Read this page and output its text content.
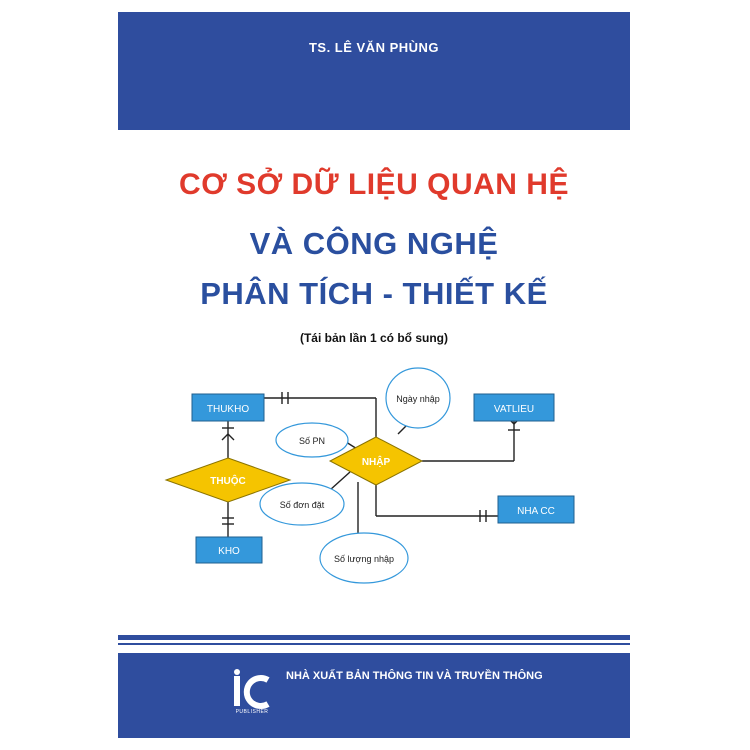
TS. LÊ VĂN PHÙNG
CƠ SỞ DỮ LIỆU QUAN HỆ
VÀ CÔNG NGHỆ
PHÂN TÍCH - THIẾT KẾ
(Tái bản lần 1 có bổ sung)
THUKHO	VATLIEU
KHO
NHA CC
THUỘC
NHẬP
Ngày nhập
Số PN
Số đơn đặt
Số lượng nhập
PUBLISHER
NHÀ XUẤT BẢN THÔNG TIN VÀ TRUYỀN THÔNG
